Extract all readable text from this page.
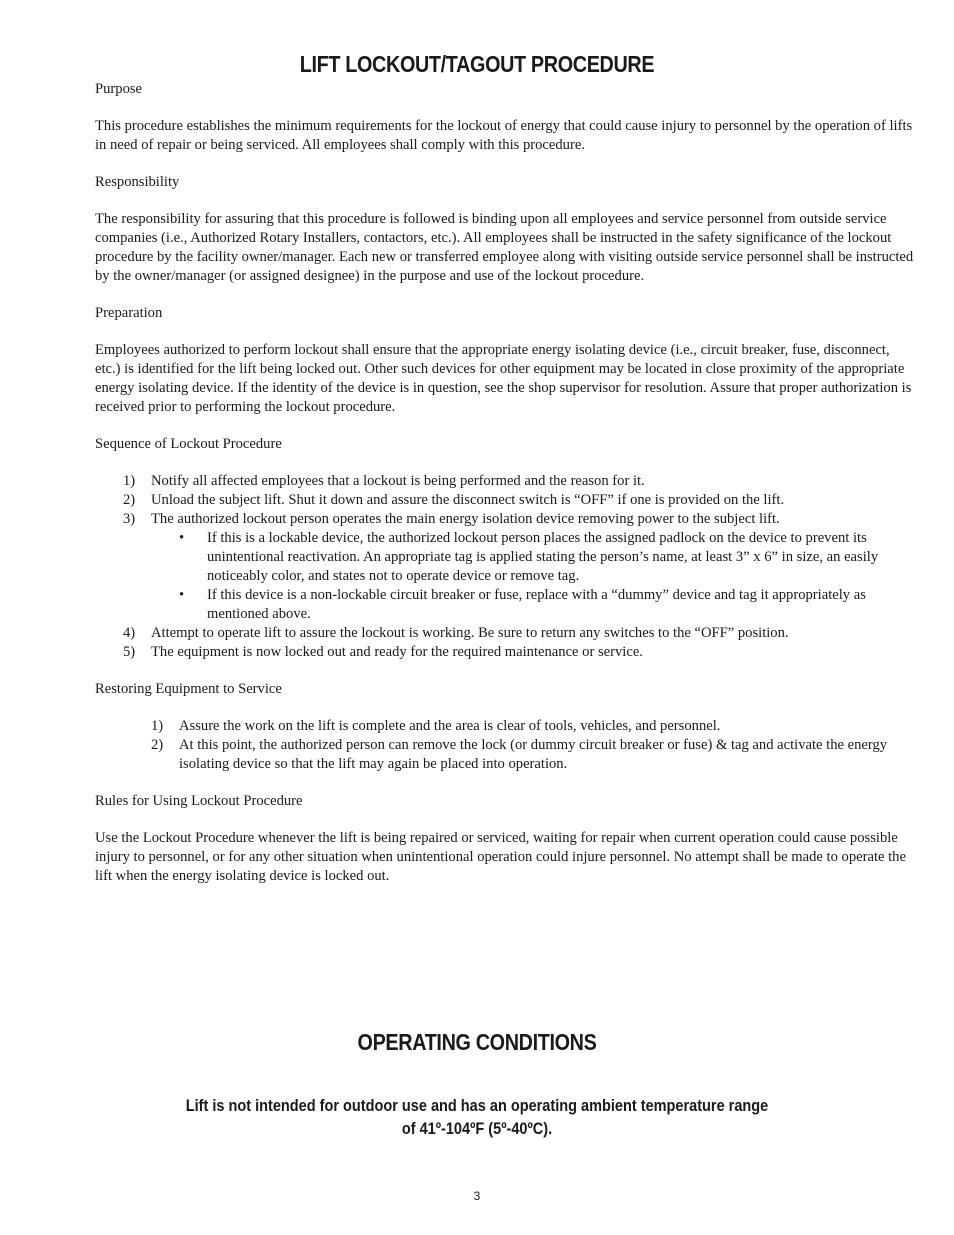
LIFT LOCKOUT/TAGOUT PROCEDURE

Purpose

This procedure establishes the minimum requirements for the lockout of energy that could cause injury to personnel by the operation of lifts in need of repair or being serviced. All employees shall comply with this procedure.

Responsibility

The responsibility for assuring that this procedure is followed is binding upon all employees and service personnel from outside service companies (i.e., Authorized Rotary Installers, contactors, etc.). All employees shall be instructed in the safety significance of the lockout procedure by the facility owner/manager. Each new or transferred employee along with visiting outside service personnel shall be instructed by the owner/manager (or assigned designee) in the purpose and use of the lockout procedure.

Preparation

Employees authorized to perform lockout shall ensure that the appropriate energy isolating device (i.e., circuit breaker, fuse, disconnect, etc.) is identified for the lift being locked out. Other such devices for other equipment may be located in close proximity of the appropriate energy isolating device. If the identity of the device is in question, see the shop supervisor for resolution. Assure that proper authorization is received prior to performing the lockout procedure.

Sequence of Lockout Procedure

1) Notify all affected employees that a lockout is being performed and the reason for it.
2) Unload the subject lift. Shut it down and assure the disconnect switch is “OFF” if one is provided on the lift.
3) The authorized lockout person operates the main energy isolation device removing power to the subject lift.
• If this is a lockable device, the authorized lockout person places the assigned padlock on the device to prevent its unintentional reactivation. An appropriate tag is applied stating the person’s name, at least 3” x 6” in size, an easily noticeably color, and states not to operate device or remove tag.
• If this device is a non-lockable circuit breaker or fuse, replace with a “dummy” device and tag it appropriately as mentioned above.
4) Attempt to operate lift to assure the lockout is working. Be sure to return any switches to the “OFF” position.
5) The equipment is now locked out and ready for the required maintenance or service.

Restoring Equipment to Service

1) Assure the work on the lift is complete and the area is clear of tools, vehicles, and personnel.
2) At this point, the authorized person can remove the lock (or dummy circuit breaker or fuse) & tag and activate the energy isolating device so that the lift may again be placed into operation.

Rules for Using Lockout Procedure

Use the Lockout Procedure whenever the lift is being repaired or serviced, waiting for repair when current operation could cause possible injury to personnel, or for any other situation when unintentional operation could injure personnel. No attempt shall be made to operate the lift when the energy isolating device is locked out.

OPERATING CONDITIONS
Lift is not intended for outdoor use and has an operating ambient temperature range
of 41º-104ºF (5º-40ºC).
3
